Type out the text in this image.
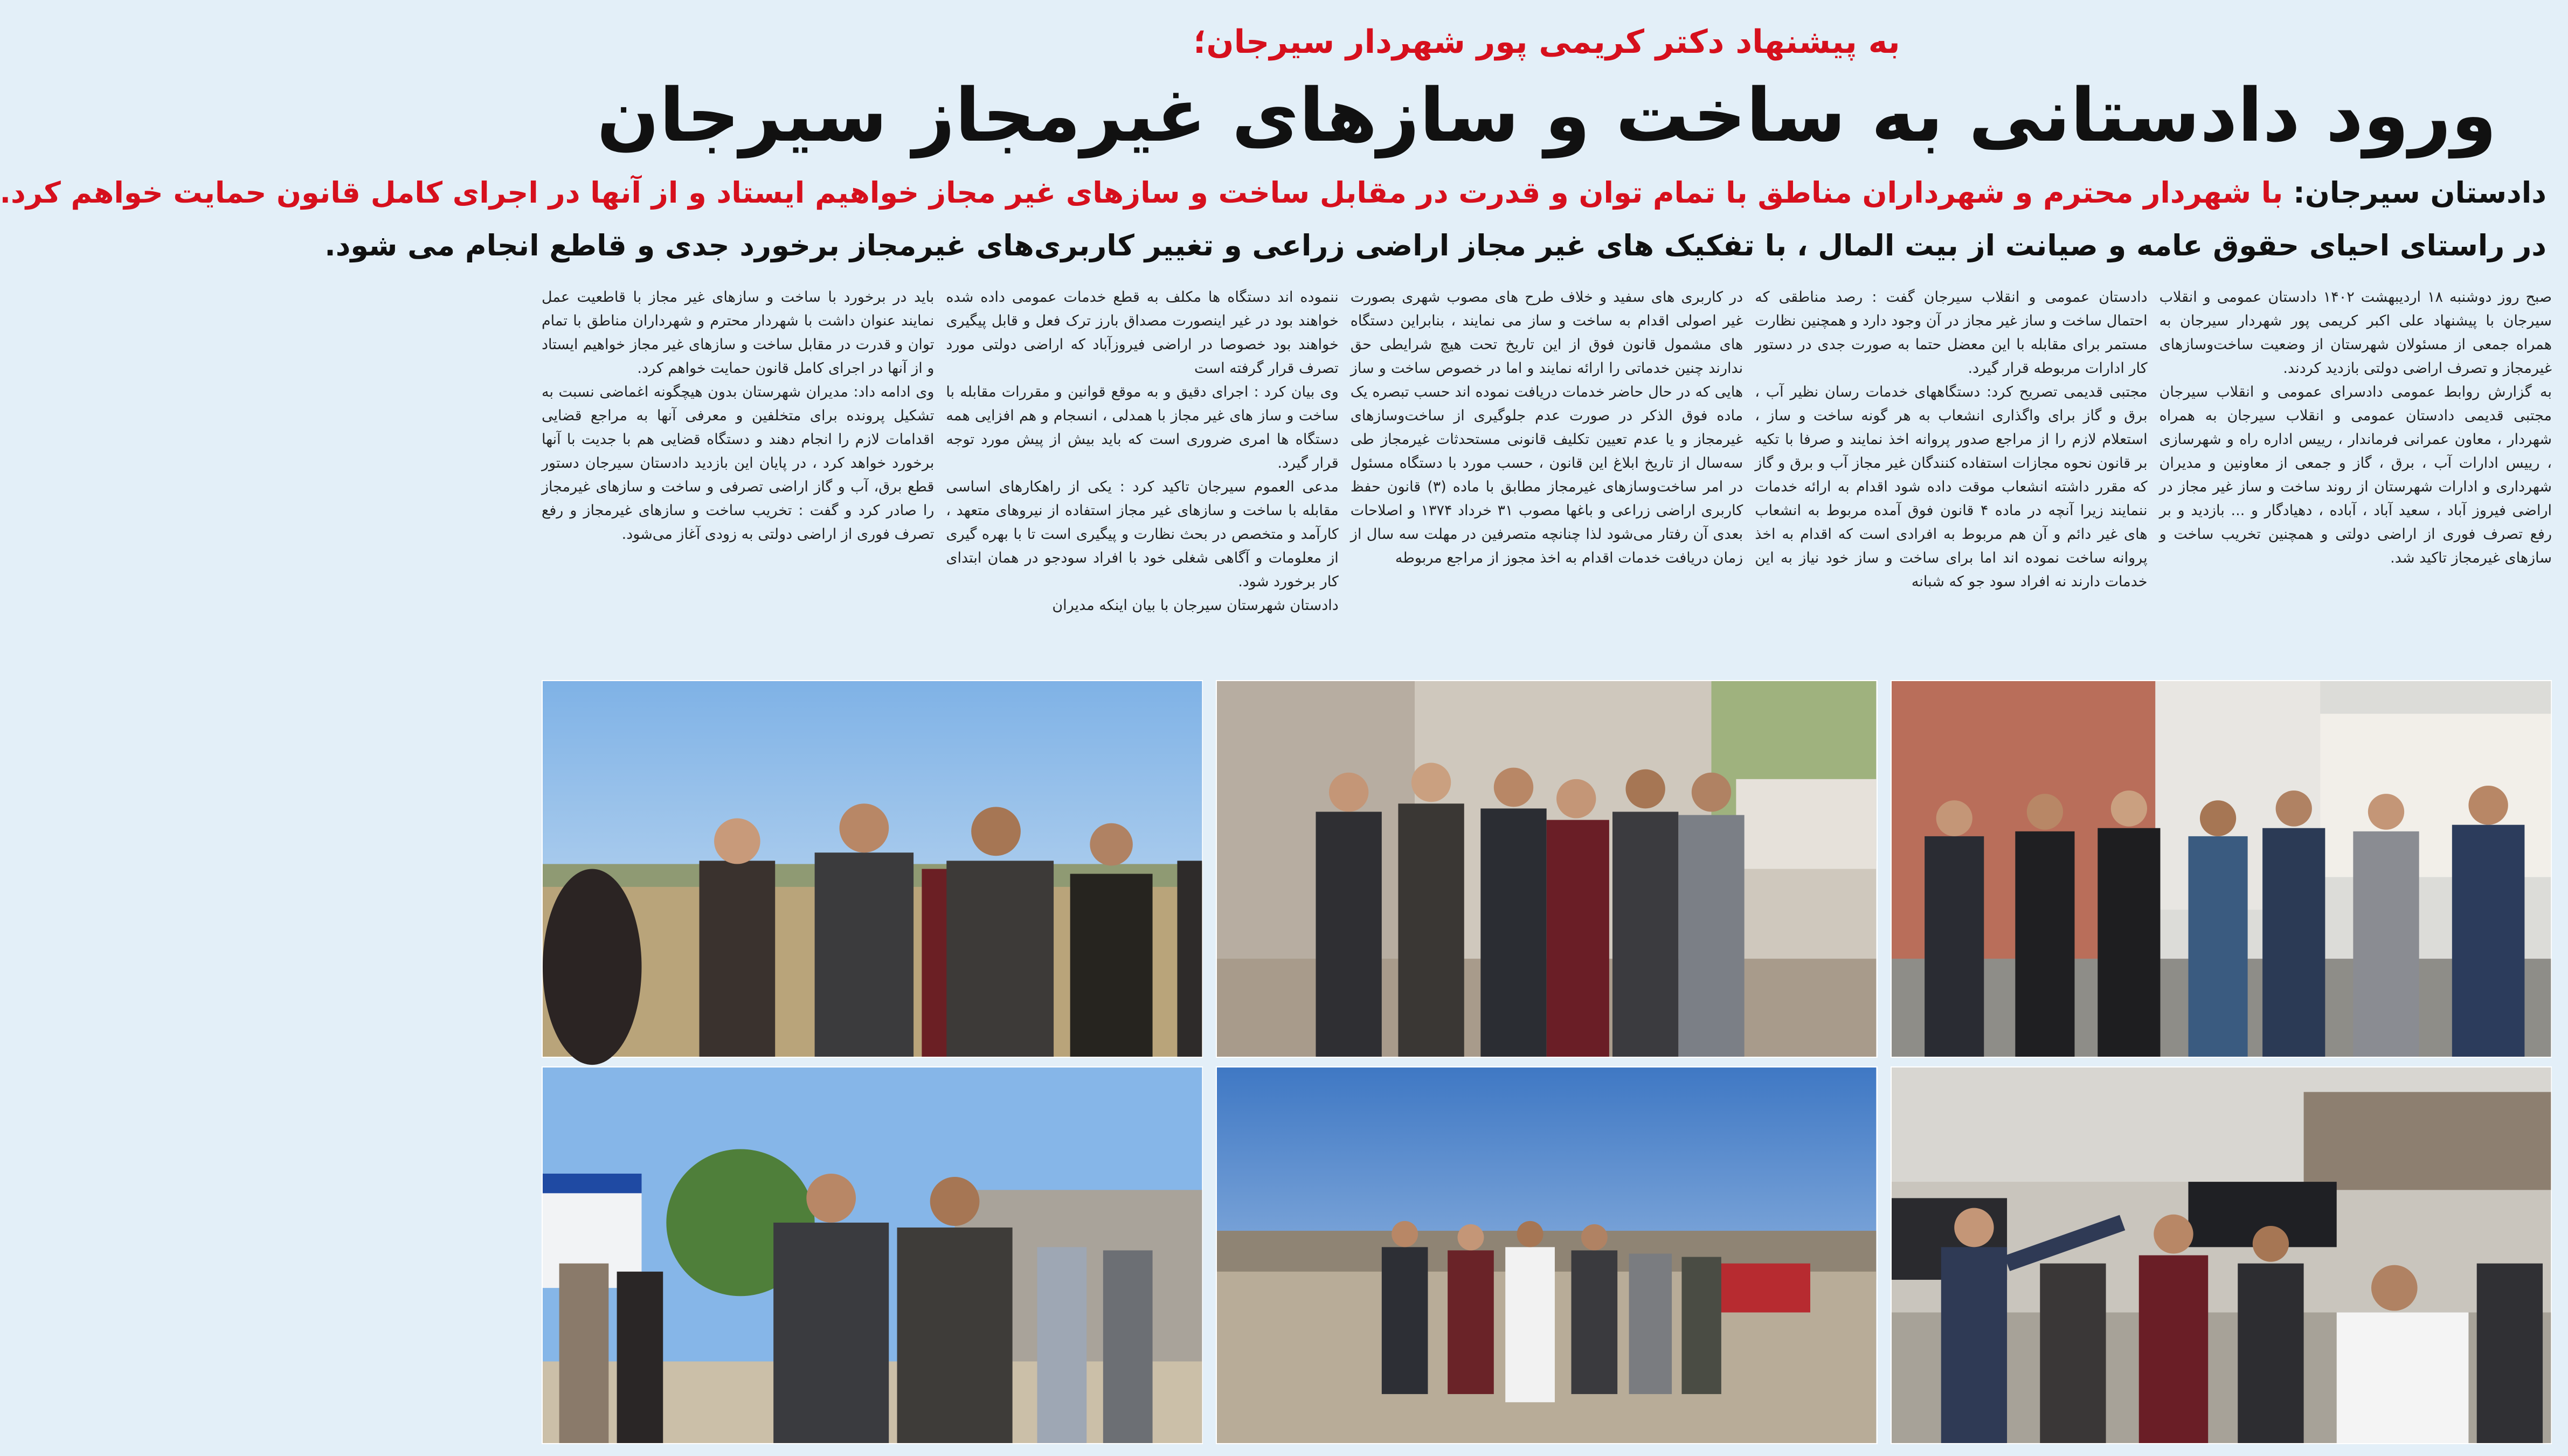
به پیشنهاد دکتر کریمی پور شهردار سیرجان؛
ورود دادستانی به ساخت و سازهای غیرمجاز سیرجان
دادستان سیرجان: با شهردار محترم و شهرداران مناطق با تمام توان و قدرت در مقابل ساخت و سازهای غیر مجاز خواهیم ایستاد و از آنها در اجرای کامل قانون حمایت خواهم کرد.
در راستای احیای حقوق عامه و صیانت از بیت المال ، با تفکیک های غیر مجاز اراضی زراعی و تغییر کاربری‌های غیرمجاز برخورد جدی و قاطع انجام می شود.

صبح روز دوشنبه ۱۸ اردیبهشت ۱۴۰۲ دادستان عمومی و انقلاب سیرجان با پیشنهاد علی اکبر کریمی پور شهردار سیرجان به همراه جمعی از مسئولان شهرستان از وضعیت ساخت‌وسازهای غیرمجاز و تصرف اراضی دولتی بازدید کردند.

به گزارش روابط عمومی دادسرای عمومی و انقلاب سیرجان مجتبی قدیمی دادستان عمومی و انقلاب سیرجان به همراه شهردار ، معاون عمرانی فرماندار ، رییس اداره راه و شهرسازی ، رییس ادارات آب ، برق ، گاز و جمعی از معاونین و مدیران شهرداری و ادارات شهرستان از روند ساخت و ساز غیر مجاز در اراضی فیروز آباد ، سعید آباد ، آباده ، دهیادگار و ... بازدید و بر رفع تصرف فوری از اراضی دولتی و همچنین تخریب ساخت و سازهای غیرمجاز تاکید شد.

دادستان عمومی و انقلاب سیرجان گفت : رصد مناطقی که احتمال ساخت و ساز غیر مجاز در آن وجود دارد و همچنین نظارت مستمر برای مقابله با این معضل حتما به صورت جدی در دستور کار ادارات مربوطه قرار گیرد.

مجتبی قدیمی تصریح کرد: دستگاههای خدمات رسان نظیر آب ، برق و گاز برای واگذاری انشعاب به هر گونه ساخت و ساز ، استعلام لازم را از مراجع صدور پروانه اخذ نمایند و صرفا با تکیه بر قانون نحوه مجازات استفاده کنندگان غیر مجاز آب و برق و گاز که مقرر داشته انشعاب موقت داده شود اقدام به ارائه خدمات ننمایند زیرا آنچه در ماده ۴ قانون فوق آمده مربوط به انشعاب های غیر دائم و آن هم مربوط به افرادی است که اقدام به اخذ پروانه ساخت نموده اند اما برای ساخت و ساز خود نیاز به این خدمات دارند نه افراد سود جو که شبانه

در کاربری های سفید و خلاف طرح های مصوب شهری بصورت غیر اصولی اقدام به ساخت و ساز می نمایند ، بنابراین دستگاه های مشمول قانون فوق از این تاریخ تحت هیچ شرایطی حق ندارند چنین خدماتی را ارائه نمایند و اما در خصوص ساخت و ساز هایی که در حال حاضر خدمات دریافت نموده اند حسب تبصره یک ماده فوق الذکر در صورت عدم جلوگیری از ساخت‌وسازهای غیرمجاز و یا عدم تعیین تکلیف قانونی مستحدثات غیرمجاز طی سه‌سال از تاریخ ابلاغ این قانون ، حسب مورد با دستگاه مسئول در امر ساخت‌وسازهای غیرمجاز مطابق با ماده (۳) قانون حفظ کاربری اراضی زراعی و باغها مصوب ۳۱ خرداد ۱۳۷۴ و اصلاحات بعدی آن رفتار می‌شود لذا چنانچه متصرفین در مهلت سه سال از زمان دریافت خدمات اقدام به اخذ مجوز از مراجع مربوطه

ننموده اند دستگاه ها مکلف به قطع خدمات عمومی داده شده خواهند بود در غیر اینصورت مصداق بارز ترک فعل و قابل پیگیری خواهند بود خصوصا در اراضی فیروزآباد که اراضی دولتی مورد تصرف قرار گرفته است

وی بیان کرد : اجرای دقیق و به موقع قوانین و مقررات مقابله با ساخت و ساز های غیر مجاز با همدلی ، انسجام و هم افزایی همه دستگاه ها امری ضروری است که باید بیش از پیش مورد توجه قرار گیرد.

مدعی العموم سیرجان تاکید کرد : یکی از راهکارهای اساسی مقابله با ساخت و سازهای غیر مجاز استفاده از نیروهای متعهد ، کارآمد و متخصص در بحث نظارت و پیگیری است تا با بهره گیری از معلومات و آگاهی شغلی خود با افراد سودجو در همان ابتدای کار برخورد شود.

دادستان شهرستان سیرجان با بیان اینکه مدیران

باید در برخورد با ساخت و سازهای غیر مجاز با قاطعیت عمل نمایند عنوان داشت با شهردار محترم و شهرداران مناطق با تمام توان و قدرت در مقابل ساخت و سازهای غیر مجاز خواهیم ایستاد و از آنها در اجرای کامل قانون حمایت خواهم کرد.

وی ادامه داد: مدیران شهرستان بدون هیچگونه اغماضی نسبت به تشکیل پرونده برای متخلفین و معرفی آنها به مراجع قضایی اقدامات لازم را انجام دهند و دستگاه قضایی هم با جدیت با آنها برخورد خواهد کرد ، در پایان این بازدید دادستان سیرجان دستور قطع برق، آب و گاز اراضی تصرفی و ساخت و سازهای غیرمجاز را صادر کرد و گفت : تخریب ساخت و سازهای غیرمجاز و رفع تصرف فوری از اراضی دولتی به زودی آغاز می‌شود.
